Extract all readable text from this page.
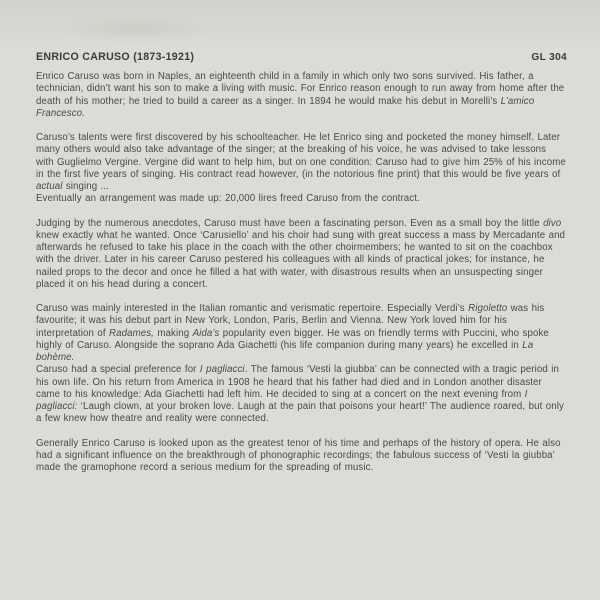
ENRICO CARUSO (1873-1921)	GL 304

Enrico Caruso was born in Naples, an eighteenth child in a family in which only two sons survived. His father, a technician, didn’t want his son to make a living with music. For Enrico reason enough to run away from home after the death of his mother; he tried to build a career as a singer. In 1894 he would make his debut in Morelli’s L’amico Francesco.

Caruso’s talents were first discovered by his schoolteacher. He let Enrico sing and pocketed the money himself. Later many others would also take advantage of the singer; at the breaking of his voice, he was advised to take lessons with Guglielmo Vergine. Vergine did want to help him, but on one condition: Caruso had to give him 25% of his income in the first five years of singing. His contract read however, (in the notorious fine print) that this would be five years of actual singing ...
Eventually an arrangement was made up: 20,000 lires freed Caruso from the contract.

Judging by the numerous anecdotes, Caruso must have been a fascinating person. Even as a small boy the little divo knew exactly what he wanted. Once ‘Carusiello’ and his choir had sung with great success a mass by Mercadante and afterwards he refused to take his place in the coach with the other choirmembers; he wanted to sit on the coachbox with the driver. Later in his career Caruso pestered his colleagues with all kinds of practical jokes; for instance, he nailed props to the decor and once he filled a hat with water, with disastrous results when an unsuspecting singer placed it on his head during a concert.

Caruso was mainly interested in the Italian romantic and verismatic repertoire. Especially Verdi’s Rigoletto was his favourite; it was his debut part in New York, London, Paris, Berlin and Vienna. New York loved him for his interpretation of Radames, making Aida’s popularity even bigger. He was on friendly terms with Puccini, who spoke highly of Caruso. Alongside the soprano Ada Giachetti (his life companion during many years) he excelled in La bohème.
Caruso had a special preference for I pagliacci. The famous ‘Vesti la giubba’ can be connected with a tragic period in his own life. On his return from America in 1908 he heard that his father had died and in London another disaster came to his knowledge: Ada Giachetti had left him. He decided to sing at a concert on the next evening from I pagliacci: ‘Laugh clown, at your broken love. Laugh at the pain that poisons your heart!’ The audience roared, but only a few knew how theatre and reality were connected.

Generally Enrico Caruso is looked upon as the greatest tenor of his time and perhaps of the history of opera. He also had a significant influence on the breakthrough of phonographic recordings; the fabulous success of ‘Vesti la giubba’ made the gramophone record a serious medium for the spreading of music.
